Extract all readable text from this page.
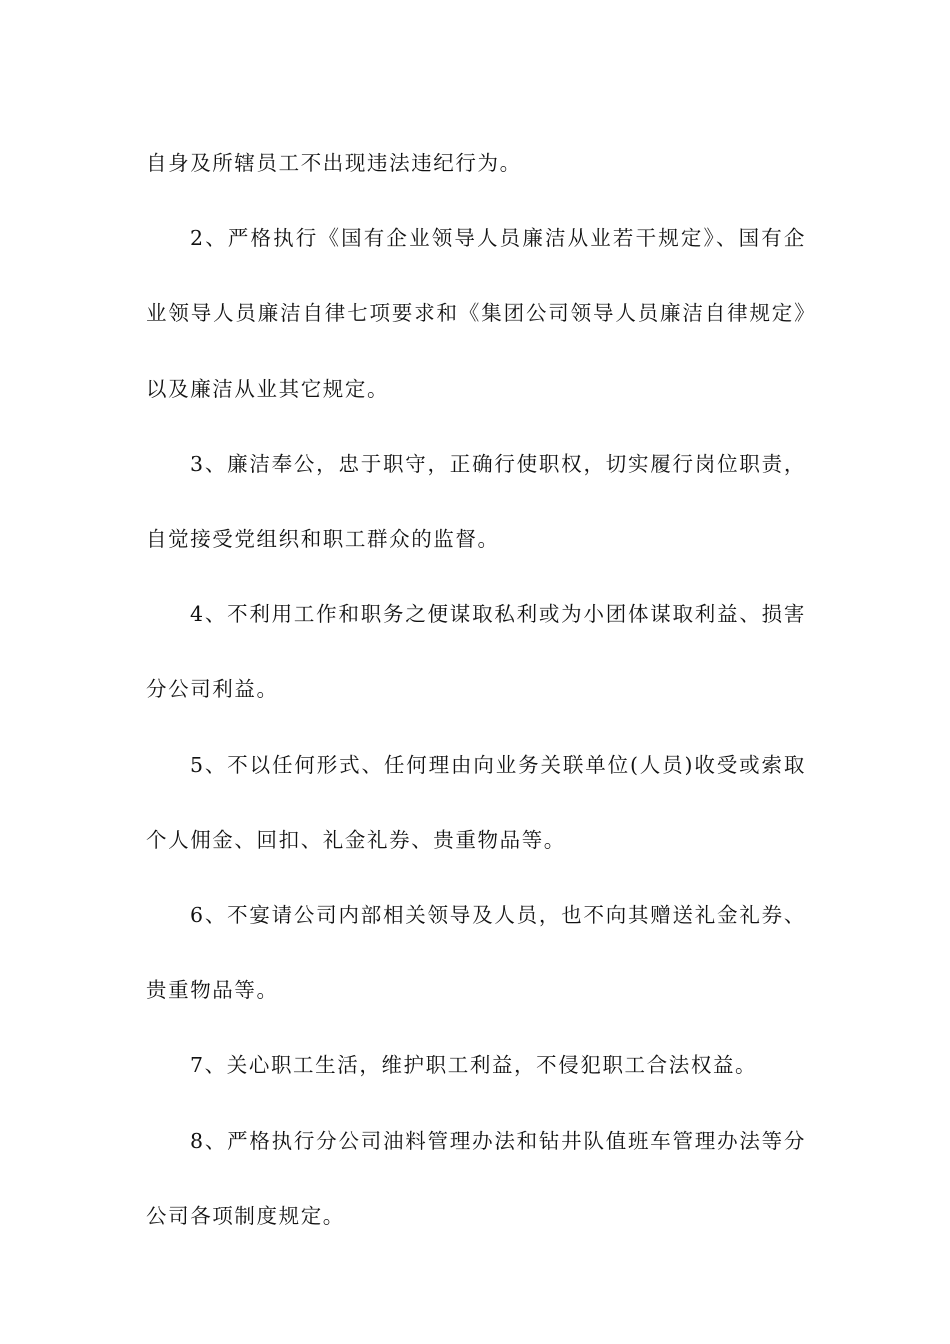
自身及所辖员工不出现违法违纪行为。

2、严格执行《国有企业领导人员廉洁从业若干规定》、国有企业领导人员廉洁自律七项要求和《集团公司领导人员廉洁自律规定》以及廉洁从业其它规定。

3、廉洁奉公，忠于职守，正确行使职权，切实履行岗位职责，自觉接受党组织和职工群众的监督。

4、不利用工作和职务之便谋取私利或为小团体谋取利益、损害分公司利益。

5、不以任何形式、任何理由向业务关联单位(人员)收受或索取个人佣金、回扣、礼金礼券、贵重物品等。

6、不宴请公司内部相关领导及人员，也不向其赠送礼金礼券、贵重物品等。

7、关心职工生活，维护职工利益，不侵犯职工合法权益。

8、严格执行分公司油料管理办法和钻井队值班车管理办法等分公司各项制度规定。
